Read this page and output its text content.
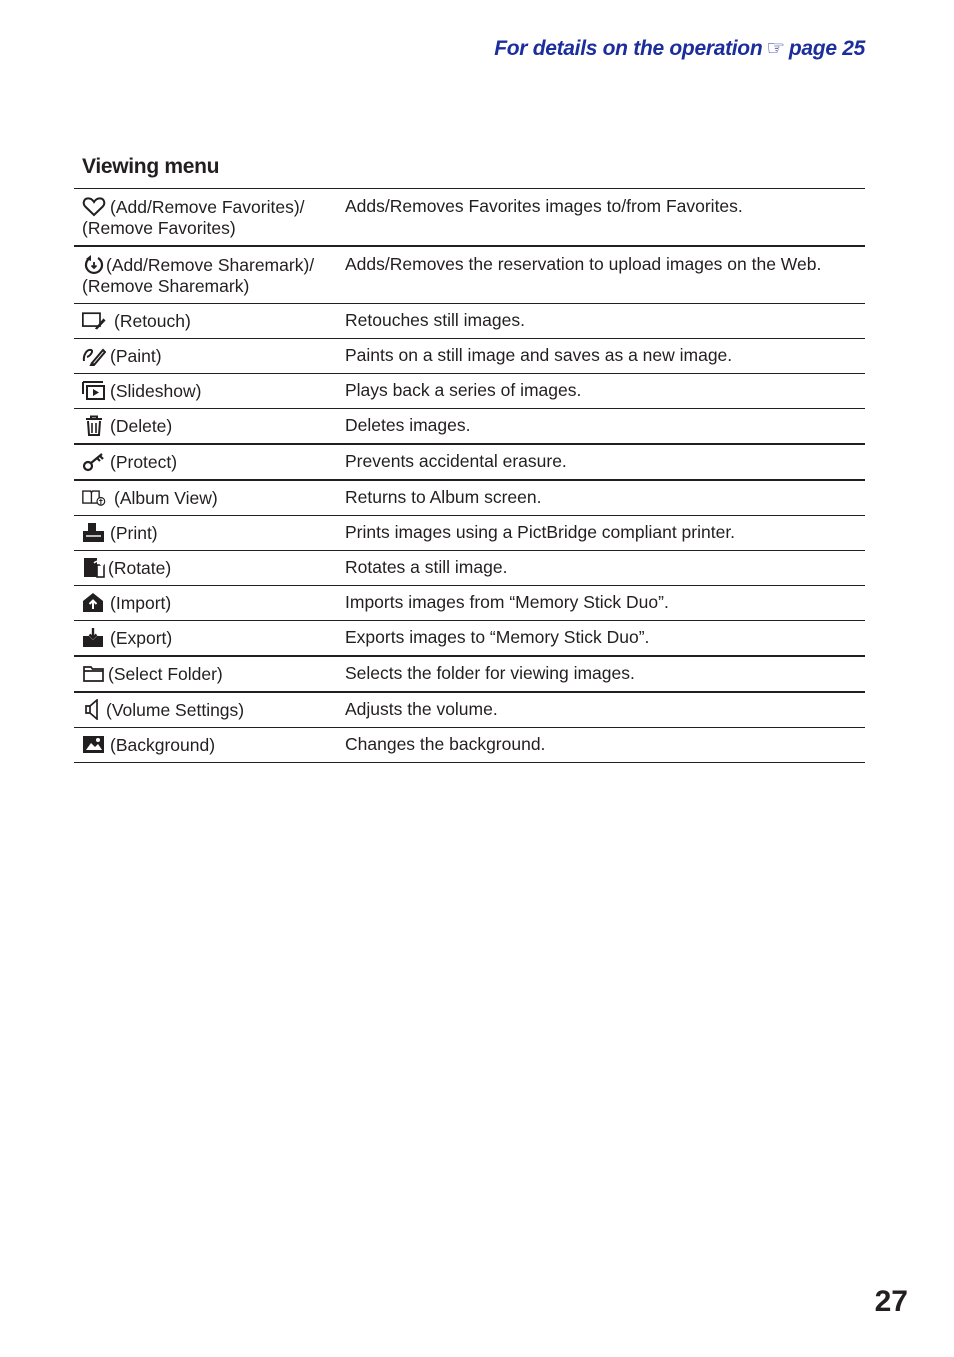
For details on the operation ☞ page 25
Viewing menu
(Add/Remove Favorites)/
(Remove Favorites)	Adds/Removes Favorites images to/from Favorites.

(Add/Remove Sharemark)/
(Remove Sharemark)	Adds/Removes the reservation to upload images on the Web.

(Retouch)	Retouches still images.

(Paint)	Paints on a still image and saves as a new image.

(Slideshow)	Plays back a series of images.

(Delete)	Deletes images.

(Protect)	Prevents accidental erasure.

(Album View)	Returns to Album screen.

(Print)	Prints images using a PictBridge compliant printer.

(Rotate)	Rotates a still image.

(Import)	Imports images from “Memory Stick Duo”.

(Export)	Exports images to “Memory Stick Duo”.

(Select Folder)	Selects the folder for viewing images.

(Volume Settings)	Adjusts the volume.

(Background)	Changes the background.
27
